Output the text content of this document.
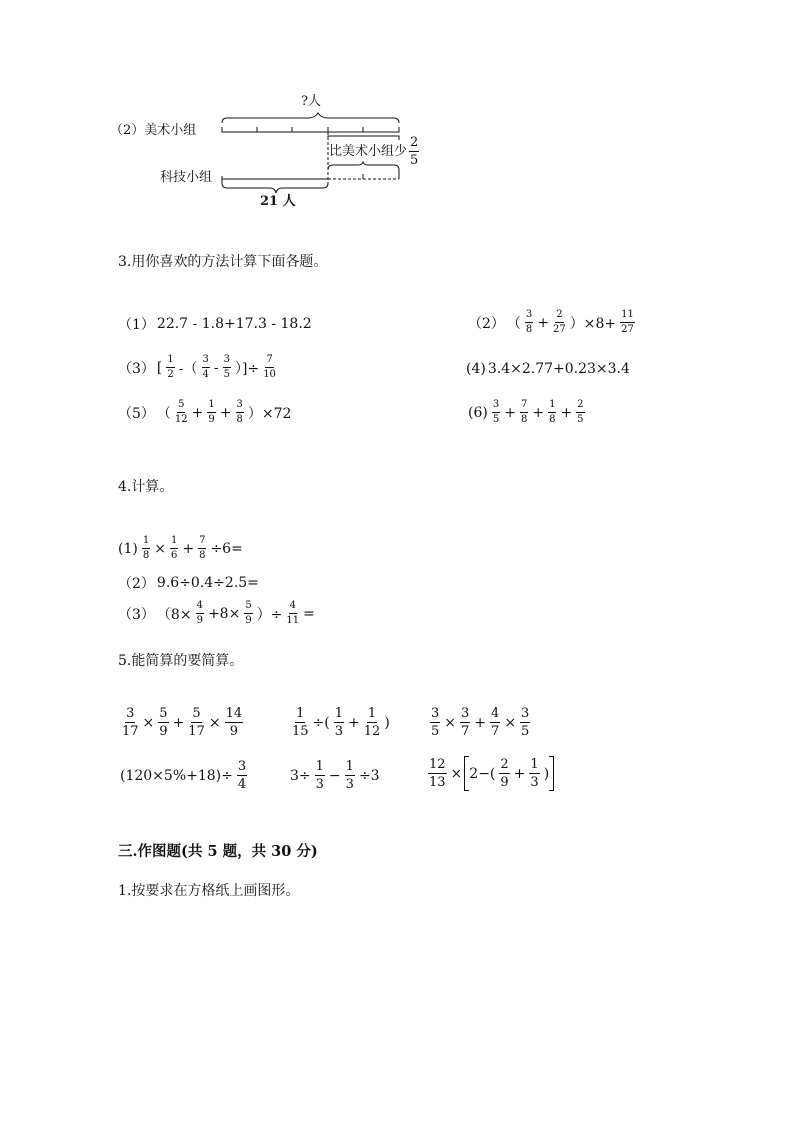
（2）美术小组
?人
比美术小组少 $\frac{2}{5}$
科技小组
21 人
3.用你喜欢的方法计算下面各题。
（1） 22.7 - 1.8+17.3 - 18.2	（2） （ $\frac{3}{8} + \frac{2}{27} )\times 8+ \frac{11}{27}$
（3） [ $\frac{1}{2}$ -（ $\frac{3}{4} - \frac{3}{5}$ ）]÷ $\frac{7}{10}$	(4) 3.4×2.77+0.23×3.4
（5） （ $\frac{5}{12} + \frac{1}{9} + \frac{3}{8} )\times 72$	$(6) \frac{3}{5} + \frac{7}{8} + \frac{1}{8} + \frac{2}{5}$
4.计算。
$(1) \frac{1}{8} \times \frac{1}{6} + \frac{7}{8} \div 6=$
（2） 9.6÷0.4÷2.5=
（3） （$8\times \frac{4}{9} +8\times \frac{5}{9}$ ）÷ $\frac{4}{11}$ =
5.能简算的要简算。
$\frac{3}{17} \times \frac{5}{9} + \frac{5}{17} \times \frac{14}{9}$	$\frac{1}{15}$ ÷( $\frac{1}{3} + \frac{1}{12}$ )	$\frac{3}{5} \times \frac{3}{7} + \frac{4}{7} \times \frac{3}{5}$
$(120\times 5\%+18)\div \frac{3}{4}$	$3\div \frac{1}{3} - \frac{1}{3} \div 3$	$\frac{12}{13} \times 2-( \frac{2}{9} + \frac{1}{3}$ )
三.作图题(共 5 题，共 30 分)
1.按要求在方格纸上画图形。
